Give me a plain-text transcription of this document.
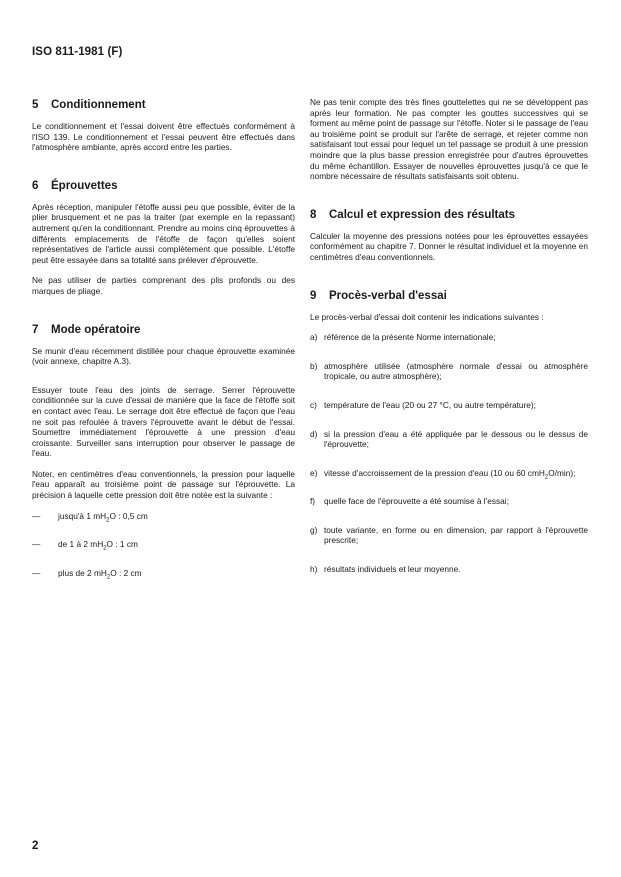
ISO 811-1981 (F)
5 Conditionnement

Le conditionnement et l'essai doivent être effectués conformément à l'ISO 139. Le conditionnement et l'essai peuvent être effectués dans l'atmosphère ambiante, après accord entre les parties.

6 Éprouvettes

Après réception, manipuler l'étoffe aussi peu que possible, éviter de la plier brusquement et ne pas la traiter (par exemple en la repassant) autrement qu'en la conditionnant. Prendre au moins cinq éprouvettes à différents emplacements de l'étoffe de façon qu'elles soient représentatives de l'article aussi complètement que possible. L'étoffe peut être essayée dans sa totalité sans prélever d'éprouvette.

Ne pas utiliser de parties comprenant des plis profonds ou des marques de pliage.

7 Mode opératoire

Se munir d'eau récemment distillée pour chaque éprouvette examinée (voir annexe, chapitre A.3).

Essuyer toute l'eau des joints de serrage. Serrer l'éprouvette conditionnée sur la cuve d'essai de manière que la face de l'étoffe soit en contact avec l'eau. Le serrage doit être effectué de façon que l'eau ne soit pas refoulée à travers l'éprouvette avant le début de l'essai. Soumettre immédiatement l'éprouvette à une pression d'eau croissante. Surveiller sans interruption pour observer le passage de l'eau.

Noter, en centimètres d'eau conventionnels, la pression pour laquelle l'eau apparaît au troisième point de passage sur l'éprouvette. La précision à laquelle cette pression doit être notée est la suivante :

—	jusqu'à 1 $mH_2O$ : 0,5 cm
—	de 1 à 2 $mH_2O$ : 1 cm
—	plus de 2 $mH_2O$ : 2 cm

Ne pas tenir compte des très fines gouttelettes qui ne se développent pas après leur formation. Ne pas compter les gouttes successives qui se forment au même point de passage sur l'étoffe. Noter si le passage de l'eau au troisième point se produit sur l'arête de serrage, et rejeter comme non satisfaisant tout essai pour lequel un tel passage se produit à une pression moindre que la plus basse pression enregistrée pour d'autres éprouvettes du même échantillon. Essayer de nouvelles éprouvettes jusqu'à ce que le nombre nécessaire de résultats satisfaisants soit obtenu.

8 Calcul et expression des résultats

Calculer la moyenne des pressions notées pour les éprouvettes essayées conformément au chapitre 7. Donner le résultat individuel et la moyenne en centimètres d'eau conventionnels.

9 Procès-verbal d'essai

Le procès-verbal d'essai doit contenir les indications suivantes :

a) référence de la présente Norme internationale;
b) atmosphère utilisée (atmosphère normale d'essai ou atmosphère tropicale, ou autre atmosphère);
c) température de l'eau (20 ou 27 °C, ou autre température);
d) si la pression d'eau a été appliquée par le dessous ou le dessus de l'éprouvette;
e) vitesse d'accroissement de la pression d'eau (10 ou 60 cmH$_2$O/min);
f)	quelle face de l'éprouvette a été soumise à l'essai;
g) toute variante, en forme ou en dimension, par rapport à l'éprouvette prescrite;
h) résultats individuels et leur moyenne.
2
